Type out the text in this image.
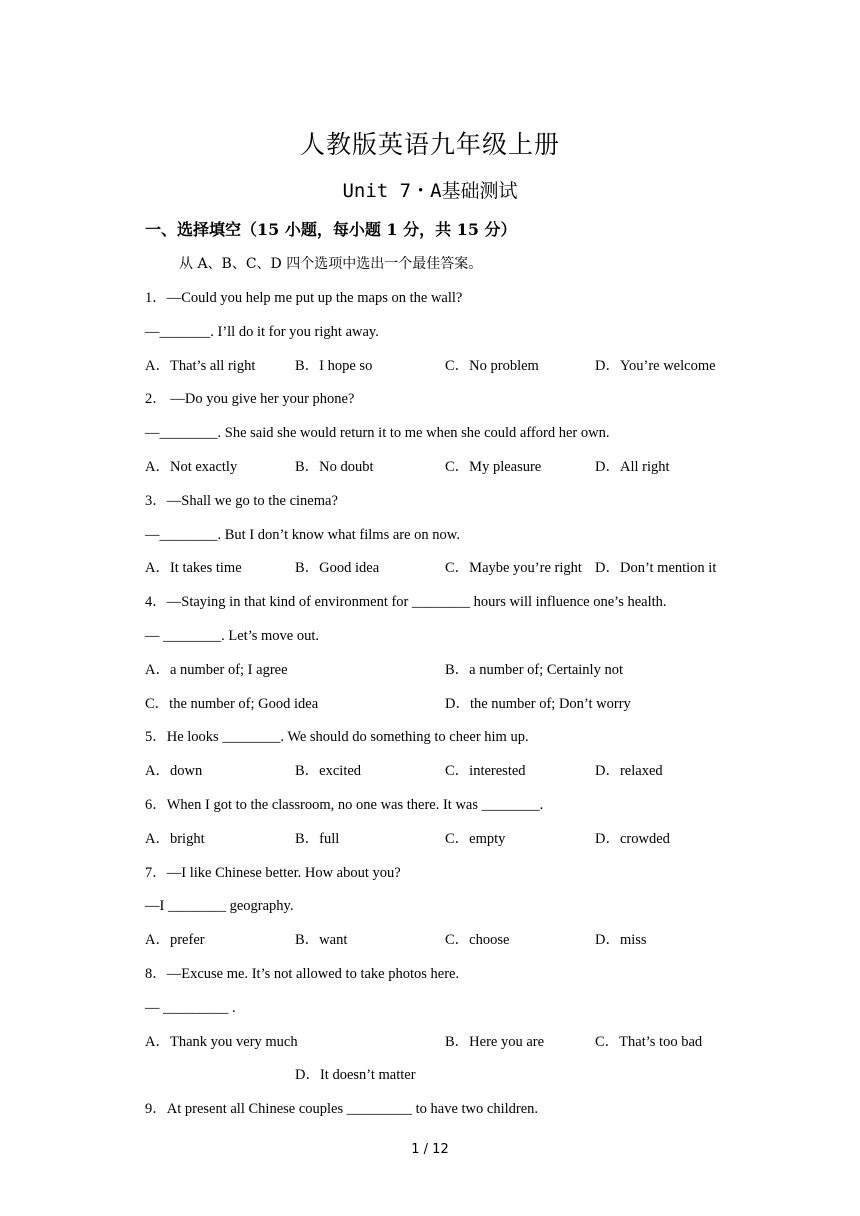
人教版英语九年级上册
Unit 7・A基础测试
一、选择填空（15 小题，每小题 1 分，共 15 分）
从 A、B、C、D 四个选项中选出一个最佳答案。
1．—Could you help me put up the maps on the wall?
—_______. I’ll do it for you right away.
A．That’s all right	B．I hope so	C．No problem	D．You’re welcome
2． —Do you give her your phone?
—________. She said she would return it to me when she could afford her own.
A．Not exactly	B．No doubt	C．My pleasure	D．All right
3．—Shall we go to the cinema?
—________. But I don’t know what films are on now.
A．It takes time	B．Good idea	C．Maybe you’re right D．Don’t mention it
4．—Staying in that kind of environment for ________ hours will influence one’s health.
— ________. Let’s move out.
A．a number of; I agree	B．a number of; Certainly not
C．the number of; Good idea	D．the number of; Don’t worry
5．He looks ________. We should do something to cheer him up.
A．down	B．excited	C．interested	D．relaxed
6．When I got to the classroom, no one was there. It was ________.
A．bright	B．full	C．empty	D．crowded
7．—I like Chinese better. How about you?
—I ________ geography.
A．prefer	B．want	C．choose	D．miss
8．—Excuse me. It’s not allowed to take photos here.
— _________ .
A．Thank you very much	B．Here you are	C．That’s too bad
D．It doesn’t matter
9．At present all Chinese couples _________ to have two children.
1 / 12
